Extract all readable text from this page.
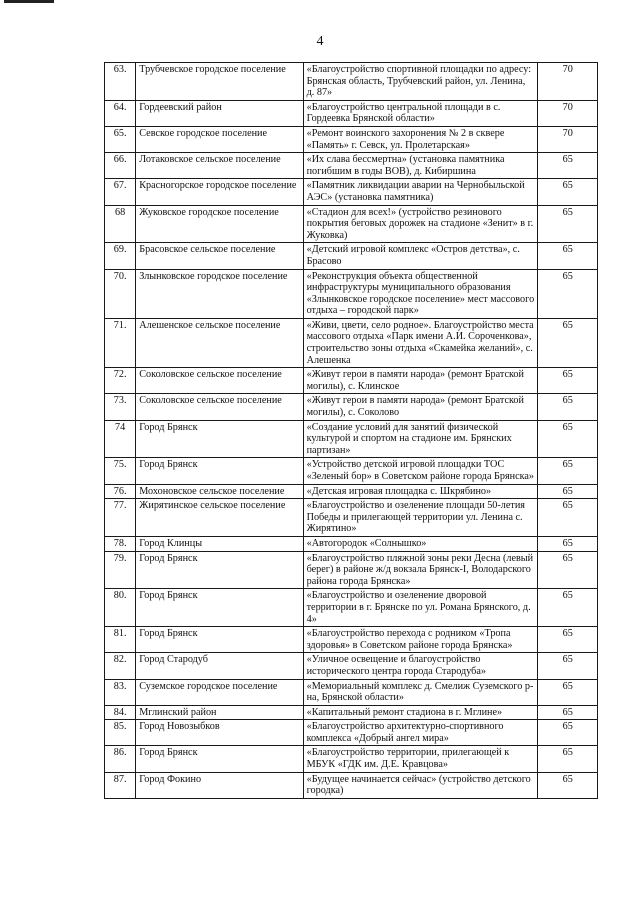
4
63.	Трубчевское городское поселение	«Благоустройство спортивной площадки по адресу: Брянская область, Трубчевский район, ул. Ленина, д. 87»	70
64.	Гордеевский район	«Благоустройство центральной площади в с. Гордеевка Брянской области»	70
65.	Севское городское поселение	«Ремонт воинского захоронения № 2 в сквере «Память» г. Севск, ул. Пролетарская»	70
66.	Лотаковское сельское поселение	«Их слава бессмертна» (установка памятника погибшим в годы ВОВ), д. Кибиршина	65
67.	Красногорское городское поселение	«Памятник ликвидации аварии на Чернобыльской АЭС» (установка памятника)	65
68	Жуковское городское поселение	«Стадион для всех!» (устройство резинового покрытия беговых дорожек на стадионе «Зенит» в г. Жуковка)	65
69.	Брасовское сельское поселение	«Детский игровой комплекс «Остров детства», с. Брасово	65
70.	Злынковское городское поселение	«Реконструкция объекта общественной инфраструктуры муниципального образования «Злынковское городское поселение» мест массового отдыха – городской парк»	65
71.	Алешенское сельское поселение	«Живи, цвети, село родное». Благоустройство места массового отдыха «Парк имени А.И. Сороченкова», строительство зоны отдыха «Скамейка желаний», с. Алешенка	65
72.	Соколовское сельское поселение	«Живут герои в памяти народа» (ремонт Братской могилы), с. Клинское	65
73.	Соколовское сельское поселение	«Живут герои в памяти народа» (ремонт Братской могилы), с. Соколово	65
74	Город Брянск	«Создание условий для занятий физической культурой и спортом на стадионе им. Брянских партизан»	65
75.	Город Брянск	«Устройство детской игровой площадки ТОС «Зеленый бор» в Советском районе города Брянска»	65
76.	Мохоновское сельское поселение	«Детская игровая площадка с. Шкрябино»	65
77.	Жирятинское сельское поселение	«Благоустройство и озеленение площади 50-летия Победы и прилегающей территории ул. Ленина с. Жирятино»	65
78.	Город Клинцы	«Автогородок «Солнышко»	65
79.	Город Брянск	«Благоустройство пляжной зоны реки Десна (левый берег) в районе ж/д вокзала Брянск-I, Володарского района города Брянска»	65
80.	Город Брянск	«Благоустройство и озеленение дворовой территории в г. Брянске по ул. Романа Брянского, д. 4»	65
81.	Город Брянск	«Благоустройство перехода с родником «Тропа здоровья» в Советском районе города Брянска»	65
82.	Город Стародуб	«Уличное освещение и благоустройство исторического центра города Стародуба»	65
83.	Суземское городское поселение	«Мемориальный комплекс д. Смелиж Суземского р-на, Брянской области»	65
84.	Мглинский район	«Капитальный ремонт стадиона в г. Мглине»	65
85.	Город Новозыбков	«Благоустройство архитектурно-спортивного комплекса «Добрый ангел мира»	65
86.	Город Брянск	«Благоустройство территории, прилегающей к МБУК «ГДК им. Д.Е. Кравцова»	65
87.	Город Фокино	«Будущее начинается сейчас» (устройство детского городка)	65
